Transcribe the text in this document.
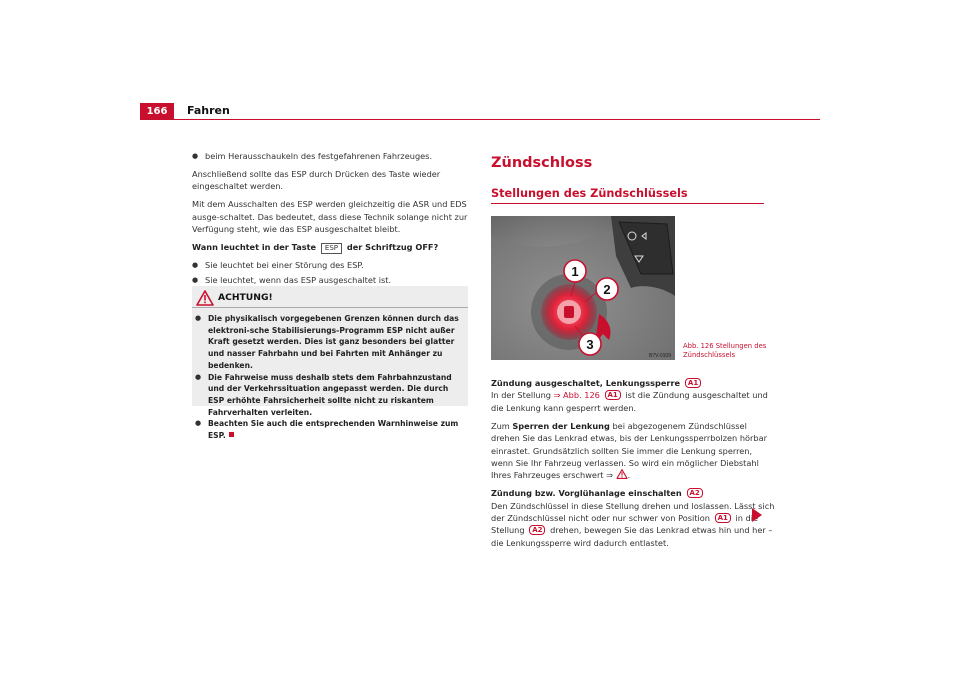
166	Fahren

● beim Herausschaukeln des festgefahrenen Fahrzeuges.

Anschließend sollte das ESP durch Drücken des Taste wieder eingeschaltet werden.

Mit dem Ausschalten des ESP werden gleichzeitig die ASR und EDS ausge-schaltet. Das bedeutet, dass diese Technik solange nicht zur Verfügung steht, wie das ESP ausgeschaltet bleibt.

Wann leuchtet in der Taste ESP der Schriftzug OFF?

● Sie leuchtet bei einer Störung des ESP.

● Sie leuchtet, wenn das ESP ausgeschaltet ist.

ACHTUNG!

● Die physikalisch vorgegebenen Grenzen können durch das elektroni-sche Stabilisierungs-Programm ESP nicht außer Kraft gesetzt werden. Dies ist ganz besonders bei glatter und nasser Fahrbahn und bei Fahrten mit Anhänger zu bedenken.

● Die Fahrweise muss deshalb stets dem Fahrbahnzustand und der Verkehrssituation angepasst werden. Die durch ESP erhöhte Fahrsicherheit sollte nicht zu riskantem Fahrverhalten verleiten.

● Beachten Sie auch die entsprechenden Warnhinweise zum ESP.

Zündschloss
Stellungen des Zündschlüssels
1
2
3
B7V-0109
Abb. 126 Stellungen des Zündschlüssels

Zündung ausgeschaltet, Lenkungssperre A1

In der Stellung ⇒ Abb. 126 A1 ist die Zündung ausgeschaltet und die Lenkung kann gesperrt werden.

Zum Sperren der Lenkung bei abgezogenem Zündschlüssel drehen Sie das Lenkrad etwas, bis der Lenkungssperrbolzen hörbar einrastet. Grundsätzlich sollten Sie immer die Lenkung sperren, wenn Sie Ihr Fahrzeug verlassen. So wird ein möglicher Diebstahl Ihres Fahrzeuges erschwert ⇒ .

Zündung bzw. Vorglühanlage einschalten A2

Den Zündschlüssel in diese Stellung drehen und loslassen. Lässt sich der Zündschlüssel nicht oder nur schwer von Position A1 in die Stellung A2 drehen, bewegen Sie das Lenkrad etwas hin und her – die Lenkungssperre wird dadurch entlastet.
